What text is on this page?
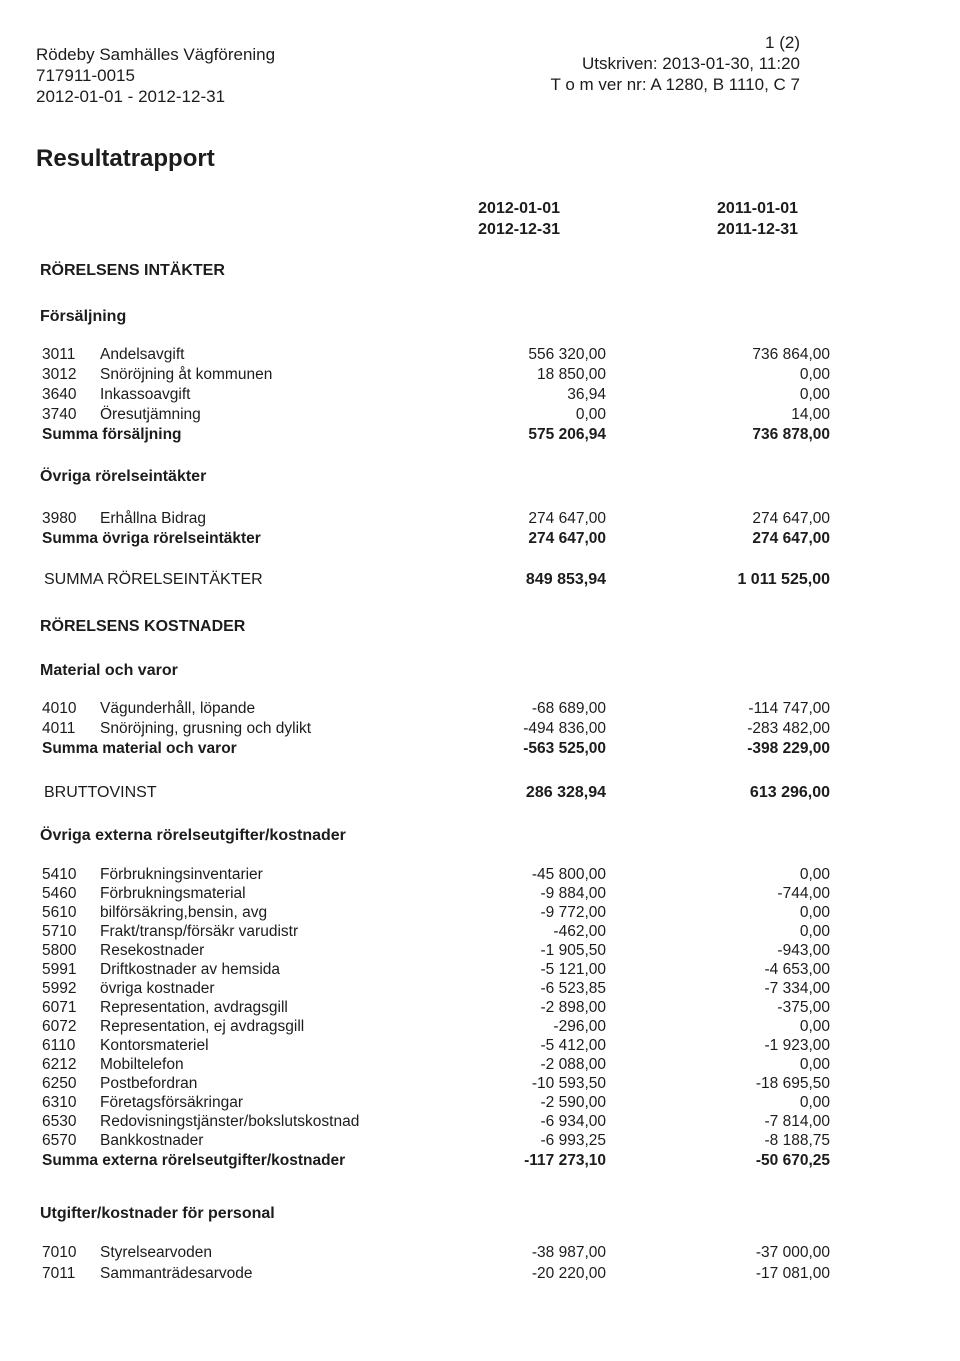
Rödeby Samhälles Vägförening
717911-0015
2012-01-01 - 2012-12-31
1 (2)
Utskriven: 2013-01-30, 11:20
T o m ver nr: A 1280, B 1110, C 7
Resultatrapport
2012-01-01
2012-12-31
2011-01-01
2011-12-31
RÖRELSENS INTÄKTER
Försäljning
3011 Andelsavgift	556 320,00	736 864,00
3012 Snöröjning åt kommunen	18 850,00	0,00
3640 Inkassoavgift	36,94	0,00
3740 Öresutjämning	0,00	14,00
Summa försäljning	575 206,94	736 878,00
Övriga rörelseintäkter
3980 Erhållna Bidrag	274 647,00	274 647,00
Summa övriga rörelseintäkter	274 647,00	274 647,00
SUMMA RÖRELSEINTÄKTER	849 853,94	1 011 525,00
RÖRELSENS KOSTNADER
Material och varor
4010 Vägunderhåll, löpande	-68 689,00	-114 747,00
4011 Snöröjning, grusning och dylikt	-494 836,00	-283 482,00
Summa material och varor	-563 525,00	-398 229,00
BRUTTOVINST	286 328,94	613 296,00
Övriga externa rörelseutgifter/kostnader
5410 Förbrukningsinventarier	-45 800,00	0,00
5460 Förbrukningsmaterial	-9 884,00	-744,00
5610 bilförsäkring,bensin, avg	-9 772,00	0,00
5710 Frakt/transp/försäkr varudistr	-462,00	0,00
5800 Resekostnader	-1 905,50	-943,00
5991 Driftkostnader av hemsida	-5 121,00	-4 653,00
5992 övriga kostnader	-6 523,85	-7 334,00
6071 Representation, avdragsgill	-2 898,00	-375,00
6072 Representation, ej avdragsgill	-296,00	0,00
6110 Kontorsmateriel	-5 412,00	-1 923,00
6212 Mobiltelefon	-2 088,00	0,00
6250 Postbefordran	-10 593,50	-18 695,50
6310 Företagsförsäkringar	-2 590,00	0,00
6530 Redovisningstjänster/bokslutskostnad	-6 934,00	-7 814,00
6570 Bankkostnader	-6 993,25	-8 188,75
Summa externa rörelseutgifter/kostnader	-117 273,10	-50 670,25
Utgifter/kostnader för personal
7010 Styrelsearvoden	-38 987,00	-37 000,00
7011 Sammanträdesarvode	-20 220,00	-17 081,00
